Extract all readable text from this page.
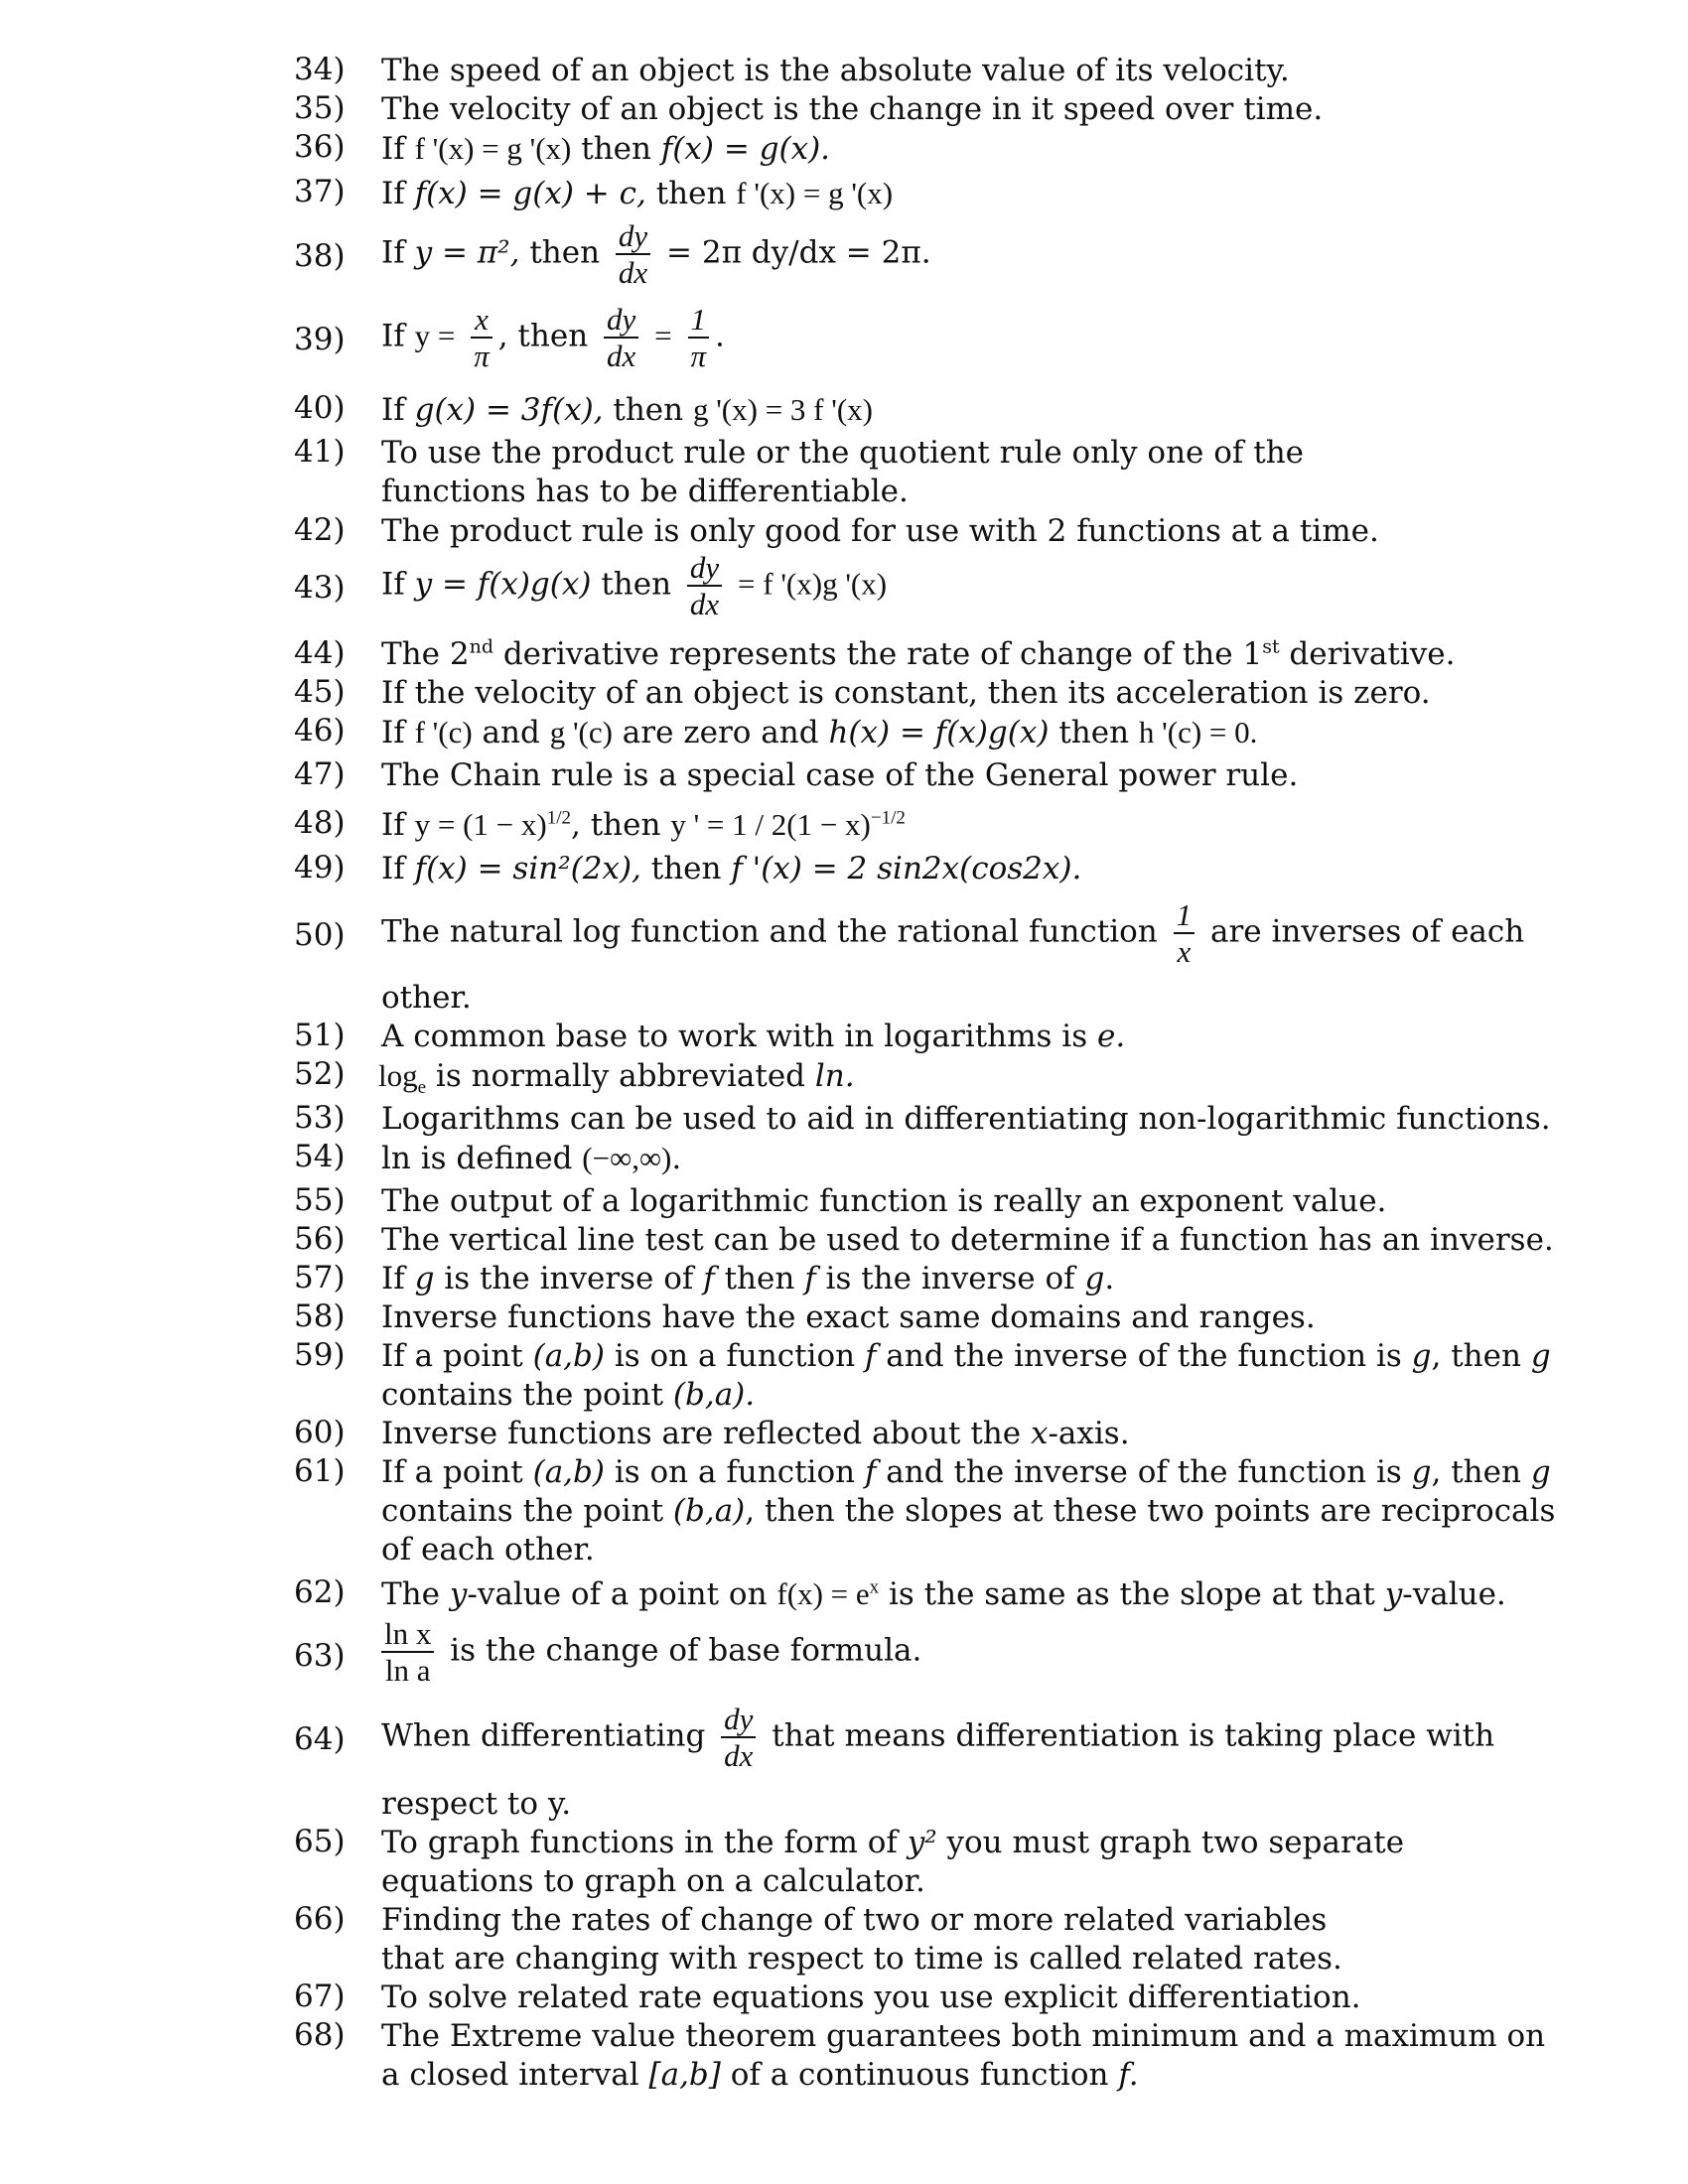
34)	The speed of an object is the absolute value of its velocity.
35)	The velocity of an object is the change in it speed over time.
36)	If f '(x) = g '(x) then f(x) = g(x).
37)	If f(x) = g(x) + c, then f '(x) = g '(x)
38)	If y = π², then $\frac{dy}{dx} = 2\pi$ dy/dx = 2π.
39)	If $y = \frac{x}{\pi}$ , then $\frac{dy}{dx} = \frac{1}{\pi}$ .
40)	If g(x) = 3f(x), then g '(x) = 3 f '(x)
41)	To use the product rule or the quotient rule only one of the functions has to be differentiable.
42)	The product rule is only good for use with 2 functions at a time.
43)	If y = f(x)g(x) then $\frac{dy}{dx} = f$ '(x)g '(x)
44)	The 2nd derivative represents the rate of change of the 1st derivative.
45)	If the velocity of an object is constant, then its acceleration is zero.
46)	If f '(c) and g '(c) are zero and h(x) = f(x)g(x) then h '(c) = 0.
47)	The Chain rule is a special case of the General power rule.
48)	If $y = (1 - x)^{1/2}$, then y ' = $1 / 2(1 - x)^{-1/2}$
49)	If f(x) = sin²(2x), then f '(x) = 2 sin2x(cos2x).
50)	The natural log function and the rational function $\frac{1}{x}$ are inverses of each
other.
51)	A common base to work with in logarithms is e.
52)	$\log_e$ is normally abbreviated ln.
53)	Logarithms can be used to aid in differentiating non-logarithmic functions.
54)	ln is defined (−∞,∞).
55)	The output of a logarithmic function is really an exponent value.
56)	The vertical line test can be used to determine if a function has an inverse.
57)	If g is the inverse of f then f is the inverse of g.
58)	Inverse functions have the exact same domains and ranges.
59)	If a point (a,b) is on a function f and the inverse of the function is g, then g
contains the point (b,a).
60)	Inverse functions are reflected about the x-axis.
61)	If a point (a,b) is on a function f and the inverse of the function is g, then g
contains the point (b,a), then the slopes at these two points are reciprocals
of each other.
62)	The y-value of a point on $f(x) = e^x$ is the same as the slope at that y-value.
63)	$\frac{\text{ln x}}{\text{ln a}}$ is the change of base formula.
64)	When differentiating $\frac{dy}{dx}$ that means differentiation is taking place with
respect to y.
65)	To graph functions in the form of y² you must graph two separate
equations to graph on a calculator.
66)	Finding the rates of change of two or more related variables that are changing with respect to time is called related rates.
67)	To solve related rate equations you use explicit differentiation.
68)	The Extreme value theorem guarantees both minimum and a maximum on
a closed interval [a,b] of a continuous function f.
